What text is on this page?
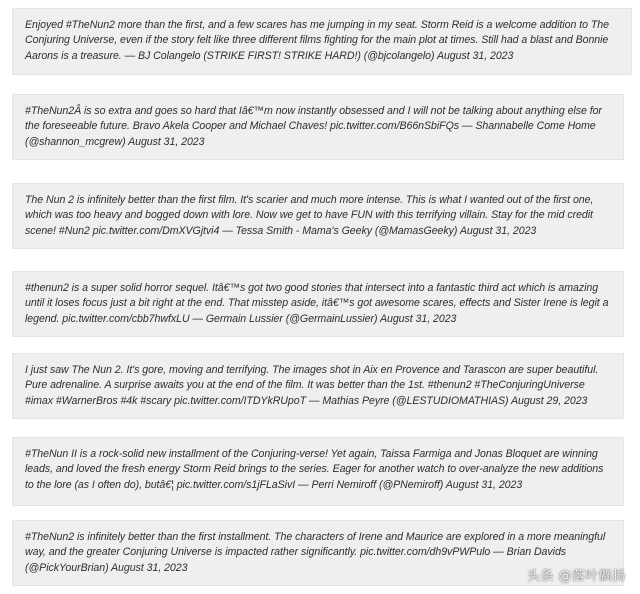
Enjoyed #TheNun2 more than the first, and a few scares has me jumping in my seat. Storm Reid is a welcome addition to The Conjuring Universe, even if the story felt like three different films fighting for the main plot at times. Still had a blast and Bonnie Aarons is a treasure. — BJ Colangelo (STRIKE FIRST! STRIKE HARD!) (@bjcolangelo) August 31, 2023

#TheNun2Â is so extra and goes so hard that Iâ€™m now instantly obsessed and I will not be talking about anything else for the foreseeable future. Bravo Akela Cooper and Michael Chaves! pic.twitter.com/B66nSbiFQs — Shannabelle Come Home (@shannon_mcgrew) August 31, 2023

The Nun 2 is infinitely better than the first film. It's scarier and much more intense. This is what I wanted out of the first one, which was too heavy and bogged down with lore. Now we get to have FUN with this terrifying villain. Stay for the mid credit scene! #Nun2 pic.twitter.com/DmXVGjtvi4 — Tessa Smith - Mama's Geeky (@MamasGeeky) August 31, 2023

#thenun2 is a super solid horror sequel. Itâ€™s got two good stories that intersect into a fantastic third act which is amazing until it loses focus just a bit right at the end. That misstep aside, itâ€™s got awesome scares, effects and Sister Irene is legit a legend. pic.twitter.com/cbb7hwfxLU — Germain Lussier (@GermainLussier) August 31, 2023

I just saw The Nun 2. It's gore, moving and terrifying. The images shot in Aix en Provence and Tarascon are super beautiful. Pure adrenaline. A surprise awaits you at the end of the film. It was better than the 1st. #thenun2 #TheConjuringUniverse #imax #WarnerBros #4k #scary pic.twitter.com/ITDYkRUpoT — Mathias Peyre (@LESTUDIOMATHIAS) August 29, 2023

#TheNun II is a rock-solid new installment of the Conjuring-verse! Yet again, Taissa Farmiga and Jonas Bloquet are winning leads, and loved the fresh energy Storm Reid brings to the series. Eager for another watch to over-analyze the new additions to the lore (as I often do), butâ€¦ pic.twitter.com/s1jFLaSivI — Perri Nemiroff (@PNemiroff) August 31, 2023

#TheNun2 is infinitely better than the first installment. The characters of Irene and Maurice are explored in a more meaningful way, and the greater Conjuring Universe is impacted rather significantly. pic.twitter.com/dh9vPWPulo — Brian Davids (@PickYourBrian) August 31, 2023

头条 @落叶飘扬
